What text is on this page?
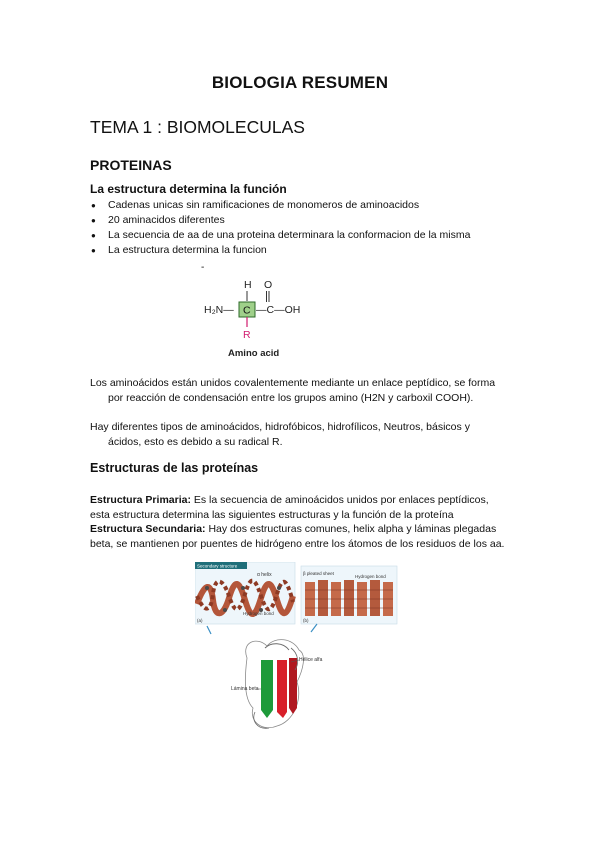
BIOLOGIA RESUMEN
TEMA 1 : BIOMOLECULAS
PROTEINAS
La estructura determina la función
● Cadenas unicas sin ramificaciones de monomeros de aminoacidos
● 20 aminacidos diferentes
● La secuencia de aa de una proteina determinara la conformacion de la misma
● La estructura determina la funcion
-
H O
H₂N— C —C—OH
R
Amino acid
Los aminoácidos están unidos covalentemente mediante un enlace peptídico, se forma
por reacción de condensación entre los grupos amino (H2N y carboxil COOH).
Hay diferentes tipos de aminoácidos, hidrofóbicos, hidrofílicos, Neutros, básicos y
ácidos, esto es debido a su radical R.
Estructuras de las proteínas
Estructura Primaria: Es la secuencia de aminoácidos unidos por enlaces peptídicos,
esta estructura determina las siguientes estructuras y la función de la proteína
Estructura Secundaria: Hay dos estructuras comunes, helix alpha y láminas plegadas
beta, se mantienen por puentes de hidrógeno entre los átomos de los residuos de los aa.
Secondary structure
α helix
Hydrogen bond
(a)
β pleated sheet
Hydrogen bond
(b)
Hélice alfa
Lámina beta
